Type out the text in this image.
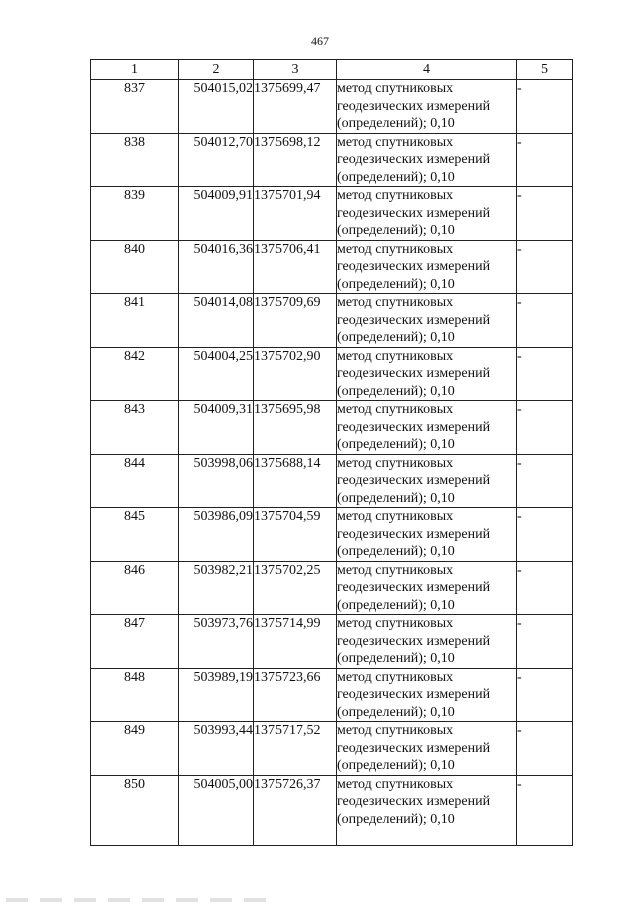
467
1	2	3	4	5
837	504015,02	1375699,47	метод спутниковых
геодезических измерений
(определений); 0,10	-
838	504012,70	1375698,12	метод спутниковых
геодезических измерений
(определений); 0,10	-
839	504009,91	1375701,94	метод спутниковых
геодезических измерений
(определений); 0,10	-
840	504016,36	1375706,41	метод спутниковых
геодезических измерений
(определений); 0,10	-
841	504014,08	1375709,69	метод спутниковых
геодезических измерений
(определений); 0,10	-
842	504004,25	1375702,90	метод спутниковых
геодезических измерений
(определений); 0,10	-
843	504009,31	1375695,98	метод спутниковых
геодезических измерений
(определений); 0,10	-
844	503998,06	1375688,14	метод спутниковых
геодезических измерений
(определений); 0,10	-
845	503986,09	1375704,59	метод спутниковых
геодезических измерений
(определений); 0,10	-
846	503982,21	1375702,25	метод спутниковых
геодезических измерений
(определений); 0,10	-
847	503973,76	1375714,99	метод спутниковых
геодезических измерений
(определений); 0,10	-
848	503989,19	1375723,66	метод спутниковых
геодезических измерений
(определений); 0,10	-
849	503993,44	1375717,52	метод спутниковых
геодезических измерений
(определений); 0,10	-
850	504005,00	1375726,37	метод спутниковых
геодезических измерений
(определений); 0,10	-
